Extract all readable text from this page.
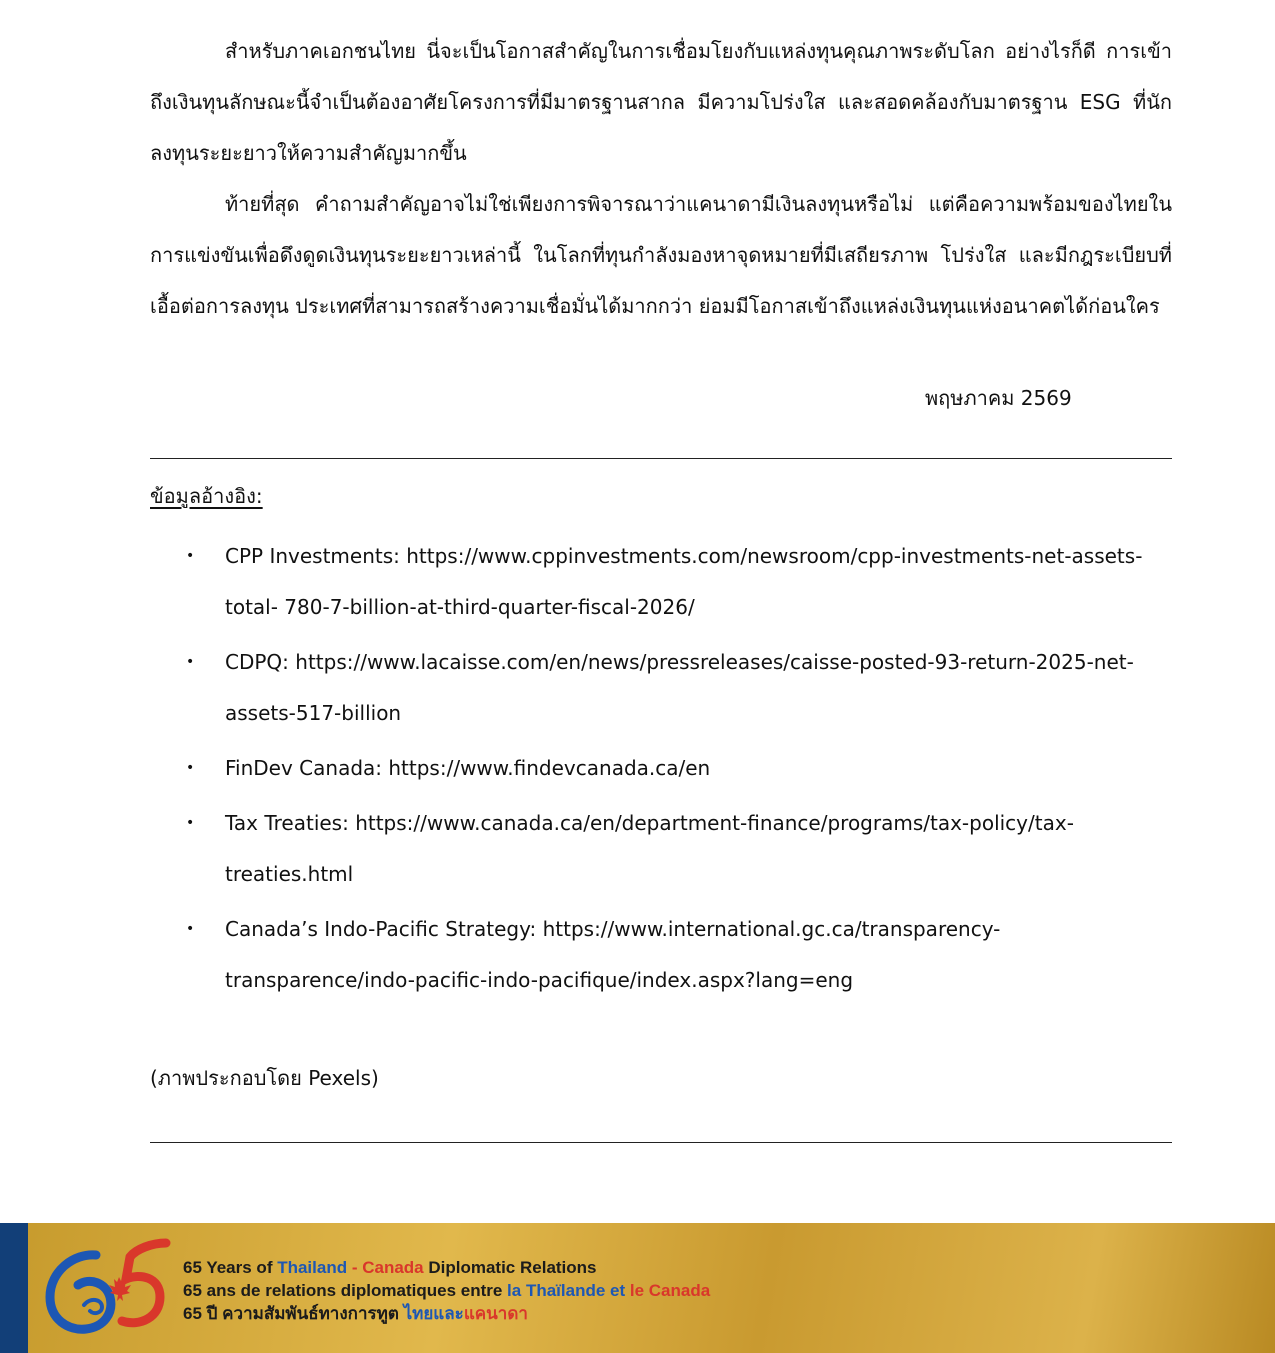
สำหรับภาคเอกชนไทย นี่จะเป็นโอกาสสำคัญในการเชื่อมโยงกับแหล่งทุนคุณภาพระดับโลก อย่างไรก็ดี การเข้าถึงเงินทุนลักษณะนี้จำเป็นต้องอาศัยโครงการที่มีมาตรฐานสากล มีความโปร่งใส และสอดคล้องกับมาตรฐาน ESG ที่นักลงทุนระยะยาวให้ความสำคัญมากขึ้น

ท้ายที่สุด คำถามสำคัญอาจไม่ใช่เพียงการพิจารณาว่าแคนาดามีเงินลงทุนหรือไม่ แต่คือความพร้อมของไทยในการแข่งขันเพื่อดึงดูดเงินทุนระยะยาวเหล่านี้ ในโลกที่ทุนกำลังมองหาจุดหมายที่มีเสถียรภาพ โปร่งใส และมีกฎระเบียบที่เอื้อต่อการลงทุน ประเทศที่สามารถสร้างความเชื่อมั่นได้มากกว่า ย่อมมีโอกาสเข้าถึงแหล่งเงินทุนแห่งอนาคตได้ก่อนใคร

พฤษภาคม 2569
ข้อมูลอ้างอิง:
• CPP Investments: https://www.cppinvestments.com/newsroom/cpp-investments-net-assets-total- 780-7-billion-at-third-quarter-fiscal-2026/
• CDPQ: https://www.lacaisse.com/en/news/pressreleases/caisse-posted-93-return-2025-net-assets-517-billion
• FinDev Canada: https://www.findevcanada.ca/en
• Tax Treaties: https://www.canada.ca/en/department-finance/programs/tax-policy/tax-treaties.html
• Canada’s Indo-Pacific Strategy: https://www.international.gc.ca/transparency-transparence/indo-pacific-indo-pacifique/index.aspx?lang=eng
(ภาพประกอบโดย Pexels)
65 Years of Thailand - Canada Diplomatic Relations
65 ans de relations diplomatiques entre la Thaïlande et le Canada
65 ปี ความสัมพันธ์ทางการทูต ไทยและแคนาดา
